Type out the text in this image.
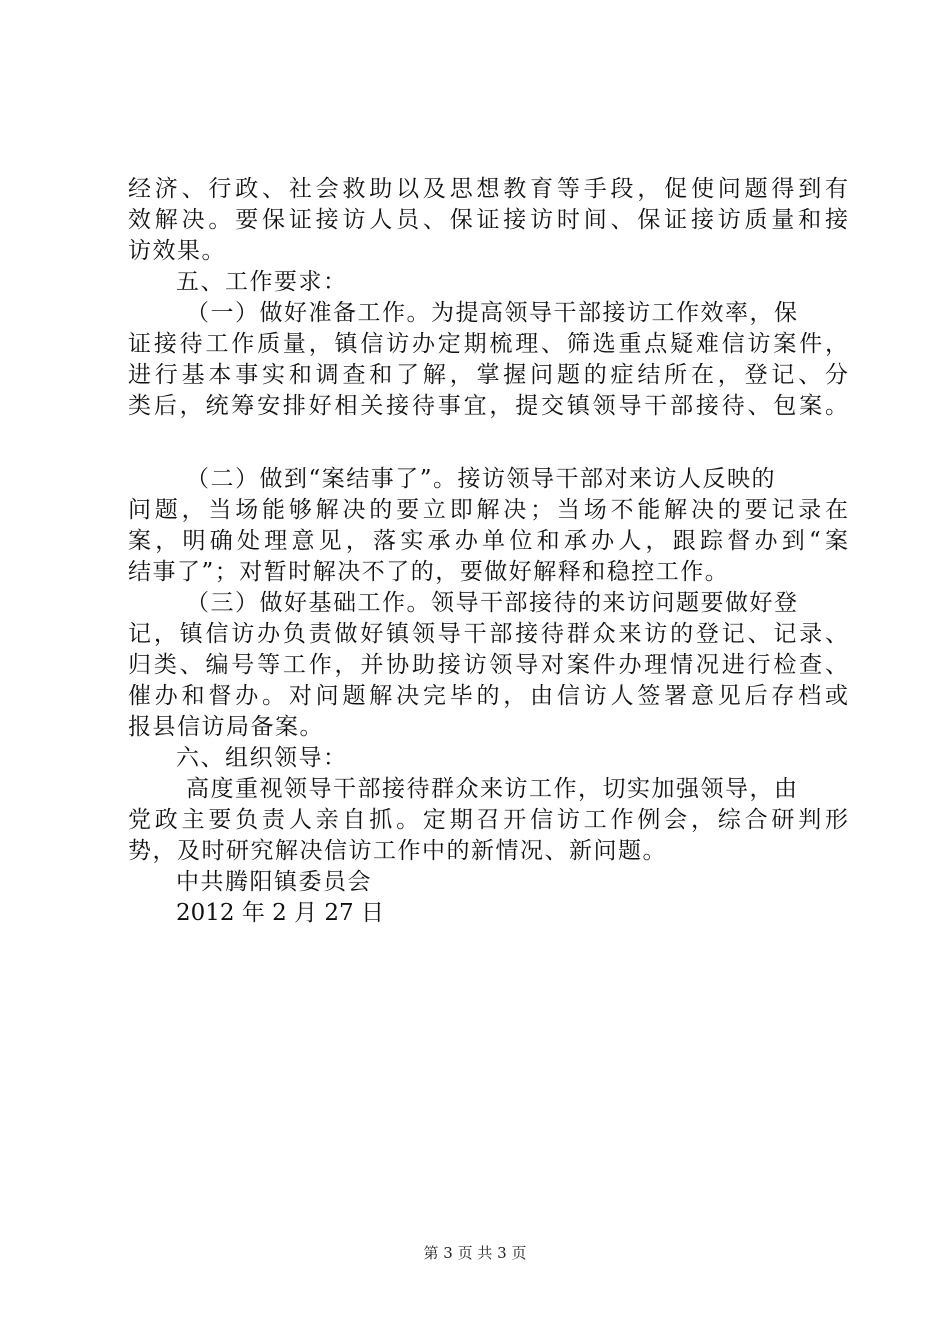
经济、行政、社会救助以及思想教育等手段，促使问题得到有
效解决。要保证接访人员、保证接访时间、保证接访质量和接
访效果。
五、工作要求：
（一）做好准备工作。为提高领导干部接访工作效率，保
证接待工作质量，镇信访办定期梳理、筛选重点疑难信访案件，
进行基本事实和调查和了解，掌握问题的症结所在，登记、分
类后，统筹安排好相关接待事宜，提交镇领导干部接待、包案。
（二）做到“案结事了”。接访领导干部对来访人反映的
问题，当场能够解决的要立即解决；当场不能解决的要记录在
案，明确处理意见，落实承办单位和承办人，跟踪督办到“案
结事了”；对暂时解决不了的，要做好解释和稳控工作。
（三）做好基础工作。领导干部接待的来访问题要做好登
记，镇信访办负责做好镇领导干部接待群众来访的登记、记录、
归类、编号等工作，并协助接访领导对案件办理情况进行检查、
催办和督办。对问题解决完毕的，由信访人签署意见后存档或
报县信访局备案。
六、组织领导：
高度重视领导干部接待群众来访工作，切实加强领导，由
党政主要负责人亲自抓。定期召开信访工作例会，综合研判形
势，及时研究解决信访工作中的新情况、新问题。
中共腾阳镇委员会
2012 年 2 月 27 日
第 3 页 共 3 页
